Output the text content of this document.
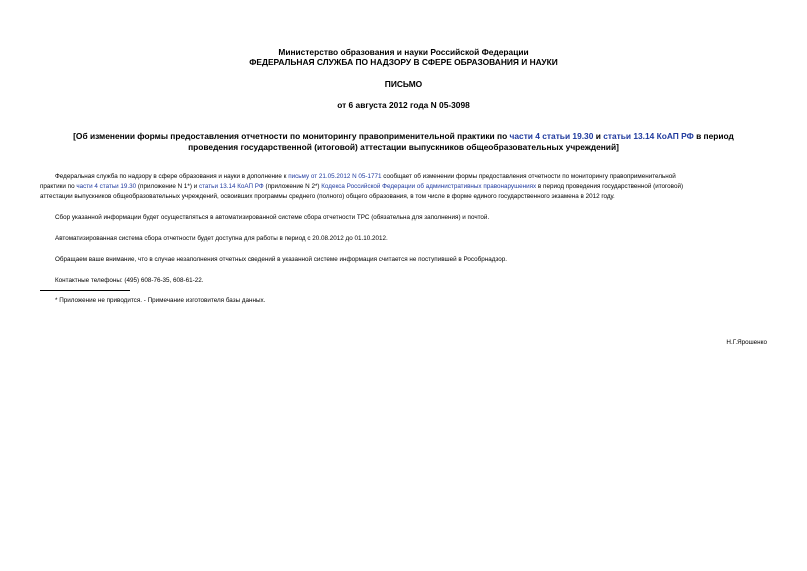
Министерство образования и науки Российской Федерации
ФЕДЕРАЛЬНАЯ СЛУЖБА ПО НАДЗОРУ В СФЕРЕ ОБРАЗОВАНИЯ И НАУКИ
ПИСЬМО
от 6 августа 2012 года N 05-3098
[Об изменении формы предоставления отчетности по мониторингу правоприменительной практики по части 4 статьи 19.30 и статьи 13.14 КоАП РФ в период
проведения государственной (итоговой) аттестации выпускников общеобразовательных учреждений]
Федеральная служба по надзору в сфере образования и науки в дополнение к письму от 21.05.2012 N 05-1771 сообщает об изменении формы предоставления отчетности по мониторингу правоприменительной
практики по части 4 статьи 19.30 (приложение N 1*) и статьи 13.14 КоАП РФ (приложение N 2*) Кодекса Российской Федерации об административных правонарушениях в период проведения государственной (итоговой)
аттестации выпускников общеобразовательных учреждений, освоивших программы среднего (полного) общего образования, в том числе в форме единого государственного экзамена в 2012 году.
Сбор указанной информации будет осуществляться в автоматизированной системе сбора отчетности ТРС (обязательна для заполнения) и почтой.
Автоматизированная система сбора отчетности будет доступна для работы в период с 20.08.2012 до 01.10.2012.
Обращаем ваше внимание, что в случае незаполнения отчетных сведений в указанной системе информация считается не поступившей в Рособрнадзор.
Контактные телефоны: (495) 608-76-35, 608-61-22.
* Приложение не приводится. - Примечание изготовителя базы данных.
Н.Г.Ярошенко
